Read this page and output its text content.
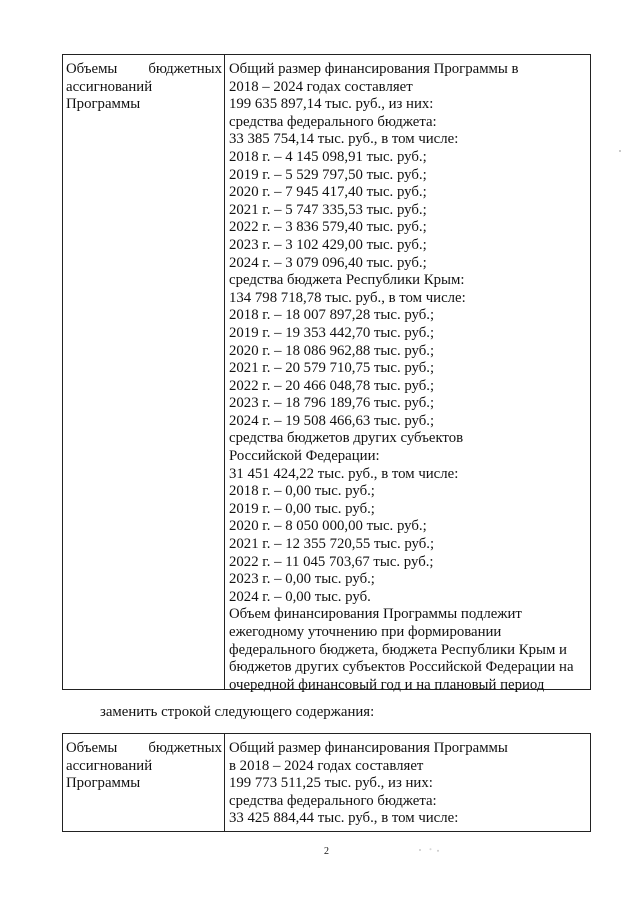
Объемы бюджетных
ассигнований
Программы
Общий размер финансирования Программы в
2018 – 2024 годах составляет
199 635 897,14 тыс. руб., из них:
средства федерального бюджета:
33 385 754,14 тыс. руб., в том числе:
2018 г. – 4 145 098,91 тыс. руб.;
2019 г. – 5 529 797,50 тыс. руб.;
2020 г. – 7 945 417,40 тыс. руб.;
2021 г. – 5 747 335,53 тыс. руб.;
2022 г. – 3 836 579,40 тыс. руб.;
2023 г. – 3 102 429,00 тыс. руб.;
2024 г. – 3 079 096,40 тыс. руб.;
средства бюджета Республики Крым:
134 798 718,78 тыс. руб., в том числе:
2018 г. – 18 007 897,28 тыс. руб.;
2019 г. – 19 353 442,70 тыс. руб.;
2020 г. – 18 086 962,88 тыс. руб.;
2021 г. – 20 579 710,75 тыс. руб.;
2022 г. – 20 466 048,78 тыс. руб.;
2023 г. – 18 796 189,76 тыс. руб.;
2024 г. – 19 508 466,63 тыс. руб.;
средства бюджетов других субъектов
Российской Федерации:
31 451 424,22 тыс. руб., в том числе:
2018 г. – 0,00 тыс. руб.;
2019 г. – 0,00 тыс. руб.;
2020 г. – 8 050 000,00 тыс. руб.;
2021 г. – 12 355 720,55 тыс. руб.;
2022 г. – 11 045 703,67 тыс. руб.;
2023 г. – 0,00 тыс. руб.;
2024 г. – 0,00 тыс. руб.
Объем финансирования Программы подлежит
ежегодному уточнению при формировании
федерального бюджета, бюджета Республики Крым и
бюджетов других субъектов Российской Федерации на
очередной финансовый год и на плановый период
заменить строкой следующего содержания:
Объемы бюджетных
ассигнований
Программы
Общий размер финансирования Программы
в 2018 – 2024 годах составляет
199 773 511,25 тыс. руб., из них:
средства федерального бюджета:
33 425 884,44 тыс. руб., в том числе:
2
